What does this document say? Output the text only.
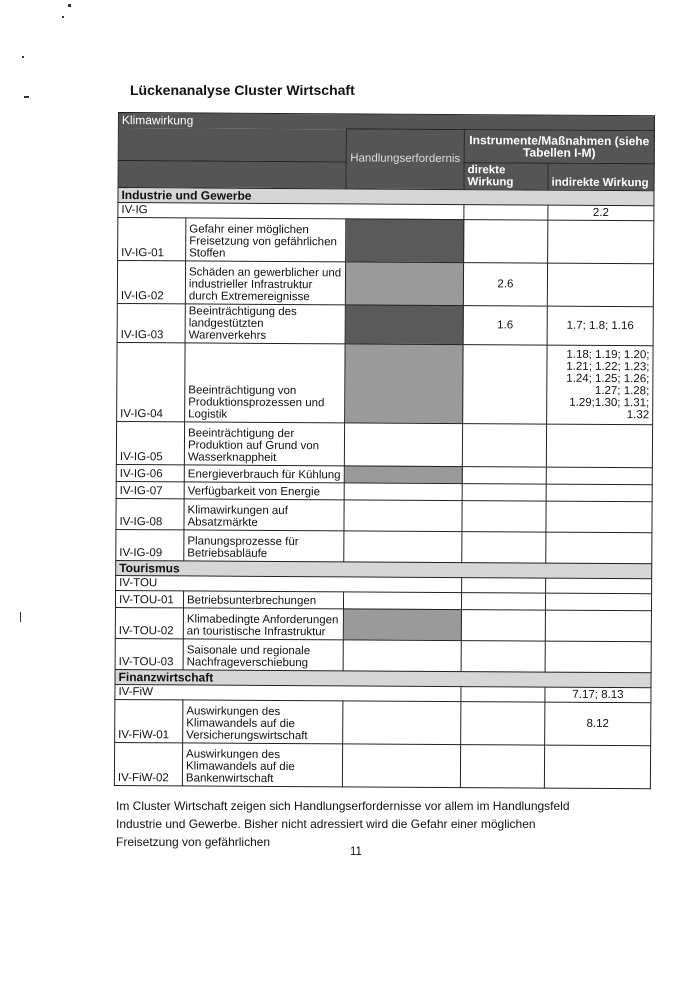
Lückenanalyse Cluster Wirtschaft
Klimawirkung				

		Handlungserfordernis	Instrumente/Maßnahmen (siehe Tabellen I-M)	
			direkte Wirkung	indirekte Wirkung
Industrie und Gewerbe				
IV-IG				2.2
IV-IG-01	Gefahr einer möglichen Freisetzung von gefährlichen Stoffen			
IV-IG-02	Schäden an gewerblicher und industrieller Infrastruktur durch Extremereignisse		2.6	
IV-IG-03	Beeinträchtigung des landgestützten Warenverkehrs		1.6	1.7; 1.8; 1.16
IV-IG-04	Beeinträchtigung von Produktionsprozessen und Logistik			1.18; 1.19; 1.20; 1.21; 1.22; 1.23; 1.24; 1.25; 1.26; 1.27; 1.28; 1.29;1.30; 1.31; 1.32
IV-IG-05	Beeinträchtigung der Produktion auf Grund von Wasserknappheit			
IV-IG-06	Energieverbrauch für Kühlung			
IV-IG-07	Verfügbarkeit von Energie			
IV-IG-08	Klimawirkungen auf Absatzmärkte			
IV-IG-09	Planungsprozesse für Betriebsabläufe			
Tourismus				
IV-TOU				
IV-TOU-01	Betriebsunterbrechungen			
IV-TOU-02	Klimabedingte Anforderungen an touristische Infrastruktur			
IV-TOU-03	Saisonale und regionale Nachfrageverschiebung			
Finanzwirtschaft				
IV-FiW				7.17; 8.13
IV-FiW-01	Auswirkungen des Klimawandels auf die Versicherungswirtschaft			8.12
IV-FiW-02	Auswirkungen des Klimawandels auf die Bankenwirtschaft			
Im Cluster Wirtschaft zeigen sich Handlungserfordernisse vor allem im Handlungsfeld Industrie und Gewerbe. Bisher nicht adressiert wird die Gefahr einer möglichen Freisetzung von gefährlichen
11
